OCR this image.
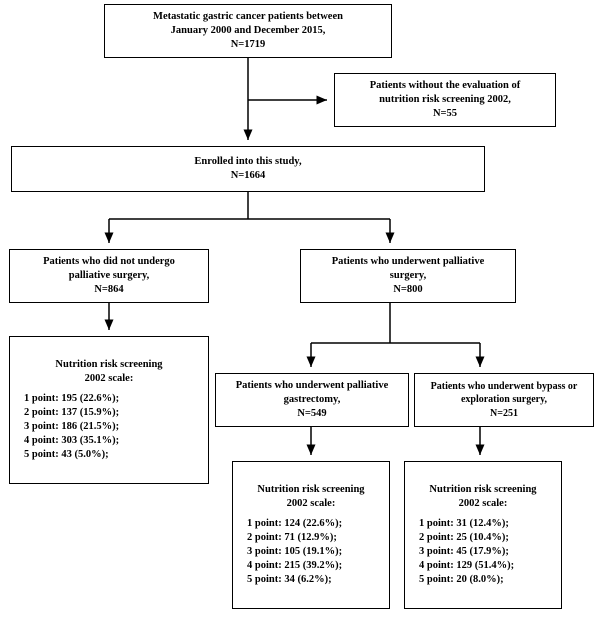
Metastatic gastric cancer patients between
January 2000 and December 2015,
N=1719
Patients without the evaluation of
nutrition risk screening 2002,
N=55
Enrolled into this study,
N=1664
Patients who did not undergo
palliative surgery,
N=864
Patients who underwent palliative
surgery,
N=800
Nutrition risk screening
2002 scale:
1 point: 195 (22.6%);
2 point: 137 (15.9%);
3 point: 186 (21.5%);
4 point: 303 (35.1%);
5 point: 43 (5.0%);
Patients who underwent palliative
gastrectomy,
N=549
Patients who underwent bypass or
exploration surgery,
N=251
Nutrition risk screening
2002 scale:
1 point: 124 (22.6%);
2 point: 71 (12.9%);
3 point: 105 (19.1%);
4 point: 215 (39.2%);
5 point: 34 (6.2%);
Nutrition risk screening
2002 scale:
1 point: 31 (12.4%);
2 point: 25 (10.4%);
3 point: 45 (17.9%);
4 point: 129 (51.4%);
5 point: 20 (8.0%);
